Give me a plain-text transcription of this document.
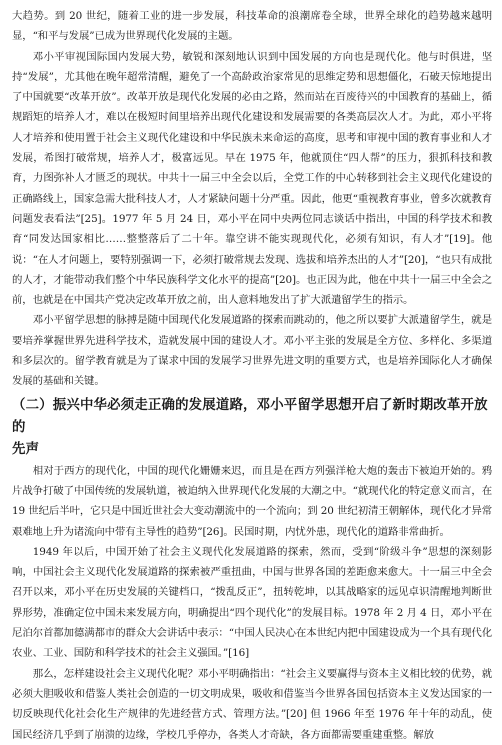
大趋势。到 20 世纪，随着工业的进一步发展，科技革命的浪潮席卷全球，世界全球化的趋势越来越明显，“和平与发展”已成为世界现代化发展的主题。

邓小平审视国际国内发展大势，敏锐和深刻地认识到中国发展的方向也是现代化。他与时俱进，坚持“发展”，尤其他在晚年超常清醒，避免了一个高龄政治家常见的思维定势和思想僵化，石破天惊地提出了中国就要“改革开放”。改革开放是现代化发展的必由之路，然而站在百废待兴的中国教育的基础上，循规蹈矩的培养人才，难以在极短时间里培养出现代化建设和发展需要的各类高层次人才。为此，邓小平将人才培养和使用置于社会主义现代化建设和中华民族未来命运的高度，思考和审视中国的教育事业和人才发展，希图打破常规，培养人才，极富远见。早在 1975 年，他就顶住“四人帮”的压力，狠抓科技和教育，力图弥补人才匮乏的现状。中共十一届三中全会以后，全党工作的中心转移到社会主义现代化建设的正确路线上，国家急需大批科技人才，人才紧缺问题十分严重。因此，他更“重视教育事业，曾多次就教育问题发表看法”[25]。1977 年 5 月 24 日，邓小平在同中央两位同志谈话中指出，中国的科学技术和教育“同发达国家相比……整整落后了二十年。靠空讲不能实现现代化，必须有知识，有人才”[19]。他说：“在人才问题上，要特别强调一下，必须打破常规去发现、选拔和培养杰出的人才”[20]，“也只有成批的人才，才能带动我们整个中华民族科学文化水平的提高”[20]。也正因为此，他在中共十一届三中全会之前，也就是在中国共产党决定改革开放之前，出人意料地发出了扩大派遣留学生的指示。

邓小平留学思想的脉搏是随中国现代化发展道路的探索而跳动的，他之所以要扩大派遣留学生，就是要培养掌握世界先进科学技术，造就发展中国的建设人才。邓小平主张的发展是全方位、多样化、多渠道和多层次的。留学教育就是为了谋求中国的发展学习世界先进文明的重要方式，也是培养国际化人才确保发展的基础和关键。

（二）振兴中华必须走正确的发展道路，邓小平留学思想开启了新时期改革开放的
先声

相对于西方的现代化，中国的现代化姗姗来迟，而且是在西方列强洋枪大炮的轰击下被迫开始的。鸦片战争打破了中国传统的发展轨道，被迫纳入世界现代化发展的大潮之中。“就现代化的特定意义而言，在 19 世纪后半叶，它只是中国近世社会大变动潮流中的一个流向；到 20 世纪初清王朝解体，现代化才异常艰难地上升为诸流向中带有主导性的趋势”[26]。民国时期，内忧外患，现代化的道路非常曲折。

1949 年以后，中国开始了社会主义现代化发展道路的探索，然而，受到“阶级斗争”思想的深刻影响，中国社会主义现代化发展道路的探索被严重扭曲，中国与世界各国的差距愈来愈大。十一届三中全会召开以来，邓小平在历史发展的关键档口，“拨乱反正”，扭转乾坤，以其战略家的远见卓识清醒地判断世界形势，准确定位中国未来发展方向，明确提出“四个现代化”的发展目标。1978 年 2 月 4 日，邓小平在尼泊尔首都加德满都市的群众大会讲话中表示：“中国人民决心在本世纪内把中国建设成为一个具有现代化农业、工业、国防和科学技术的社会主义强国。”[16]

那么，怎样建设社会主义现代化呢？邓小平明确指出：“社会主义要赢得与资本主义相比较的优势，就必须大胆吸收和借鉴人类社会创造的一切文明成果，吸收和借鉴当今世界各国包括资本主义发达国家的一切反映现代化社会化生产规律的先进经营方式、管理方法。”[20] 但 1966 年至 1976 年十年的动乱，使国民经济几乎到了崩溃的边缘，学校几乎停办，各类人才奇缺，各方面都需要重建重整。解放
